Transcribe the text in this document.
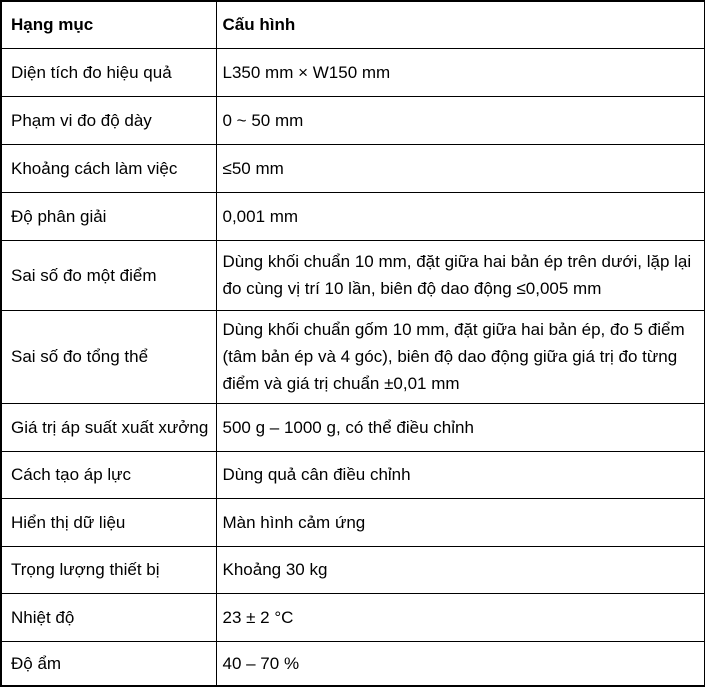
Hạng mục	Cấu hình
Diện tích đo hiệu quả	L350 mm × W150 mm
Phạm vi đo độ dày	0 ~ 50 mm
Khoảng cách làm việc	≤50 mm
Độ phân giải	0,001 mm
Sai số đo một điểm	Dùng khối chuẩn 10 mm, đặt giữa hai bản ép trên dưới, lặp lại đo cùng vị trí 10 lần, biên độ dao động ≤0,005 mm
Sai số đo tổng thể	Dùng khối chuẩn gốm 10 mm, đặt giữa hai bản ép, đo 5 điểm (tâm bản ép và 4 góc), biên độ dao động giữa giá trị đo từng điểm và giá trị chuẩn ±0,01 mm
Giá trị áp suất xuất xưởng	500 g – 1000 g, có thể điều chỉnh
Cách tạo áp lực	Dùng quả cân điều chỉnh
Hiển thị dữ liệu	Màn hình cảm ứng
Trọng lượng thiết bị	Khoảng 30 kg
Nhiệt độ	23 ± 2 °C
Độ ẩm	40 – 70 %
